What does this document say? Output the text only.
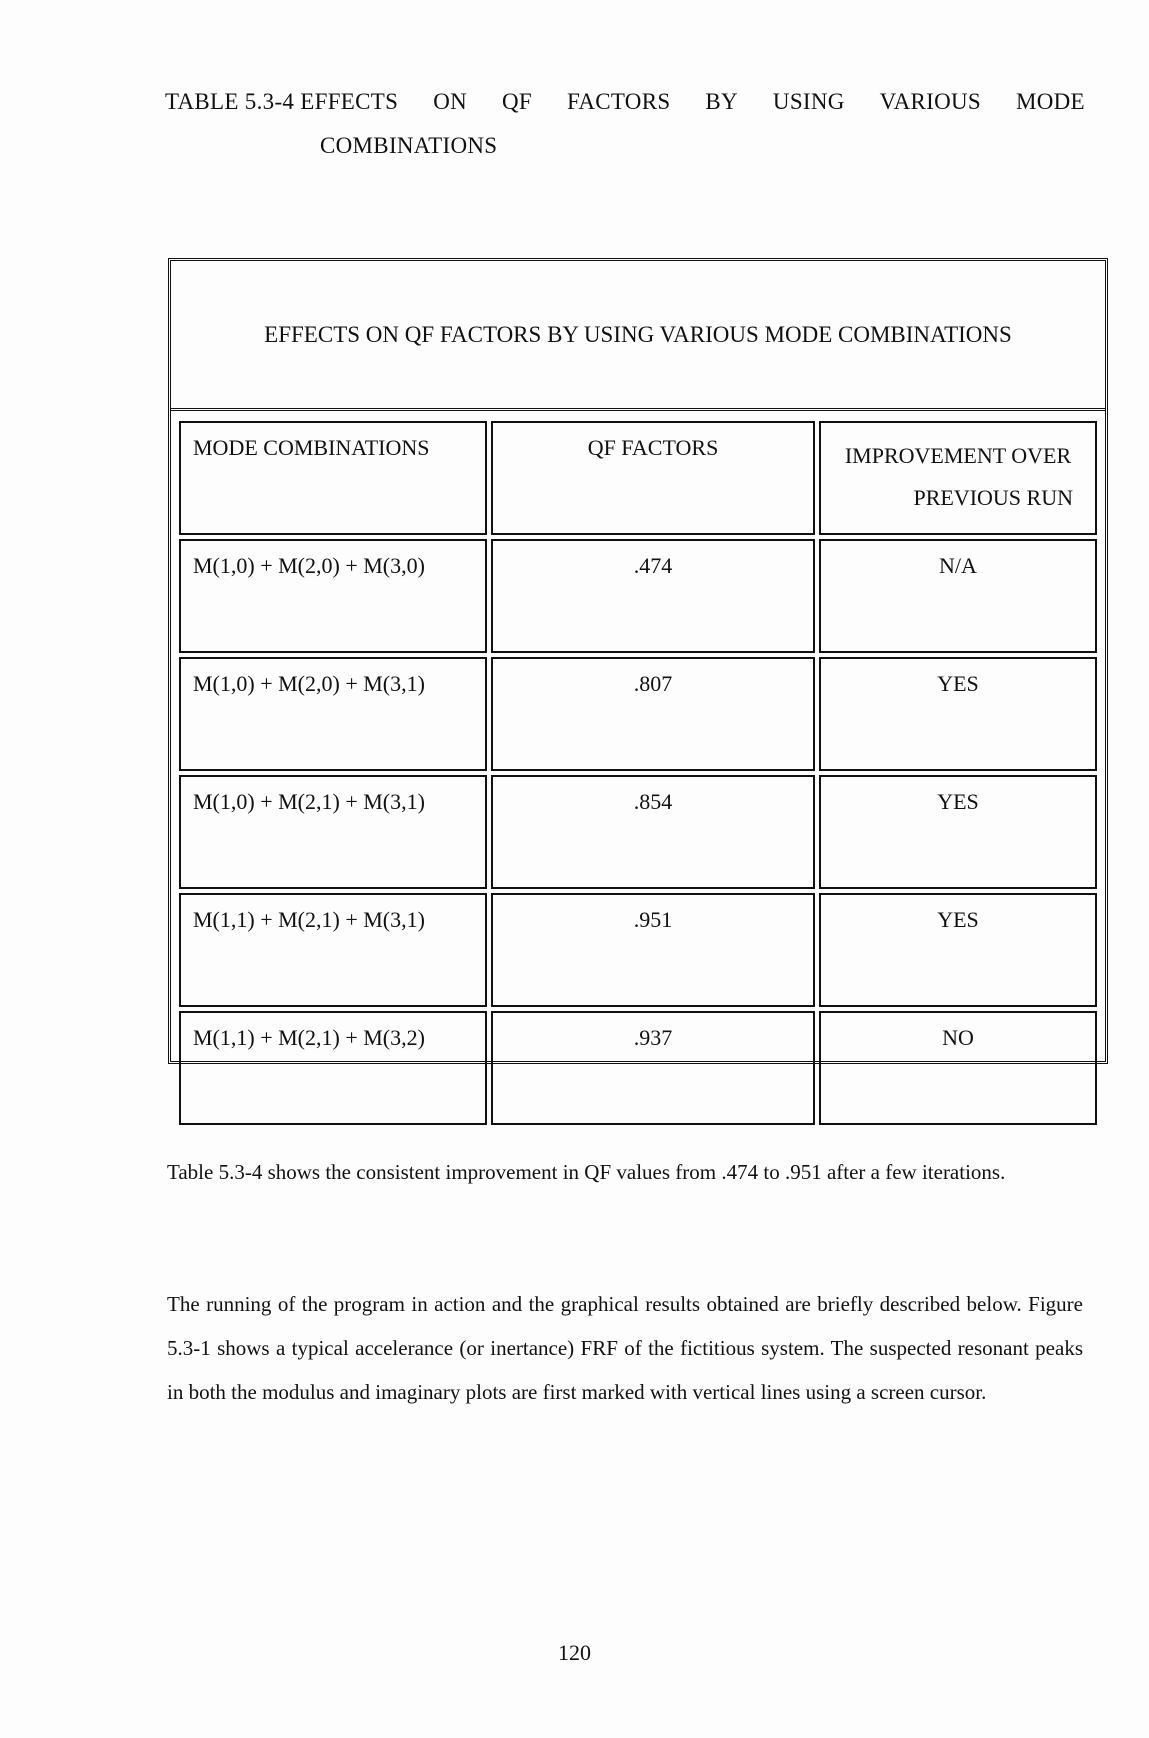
TABLE 5.3-4 EFFECTS ON QF FACTORS BY USING VARIOUS MODE
COMBINATIONS
EFFECTS ON QF FACTORS BY USING VARIOUS MODE COMBINATIONS
MODE COMBINATIONS	QF FACTORS	IMPROVEMENT OVER
PREVIOUS RUN

M(1,0) + M(2,0) + M(3,0)	.474	N/A
M(1,0) + M(2,0) + M(3,1)	.807	YES
M(1,0) + M(2,1) + M(3,1)	.854	YES
M(1,1) + M(2,1) + M(3,1)	.951	YES
M(1,1) + M(2,1) + M(3,2)	.937	NO

Table 5.3-4 shows the consistent improvement in QF values from .474 to .951 after a few iterations.

The running of the program in action and the graphical results obtained are briefly described below. Figure 5.3-1 shows a typical accelerance (or inertance) FRF of the fictitious system. The suspected resonant peaks in both the modulus and imaginary plots are first marked with vertical lines using a screen cursor.

120
